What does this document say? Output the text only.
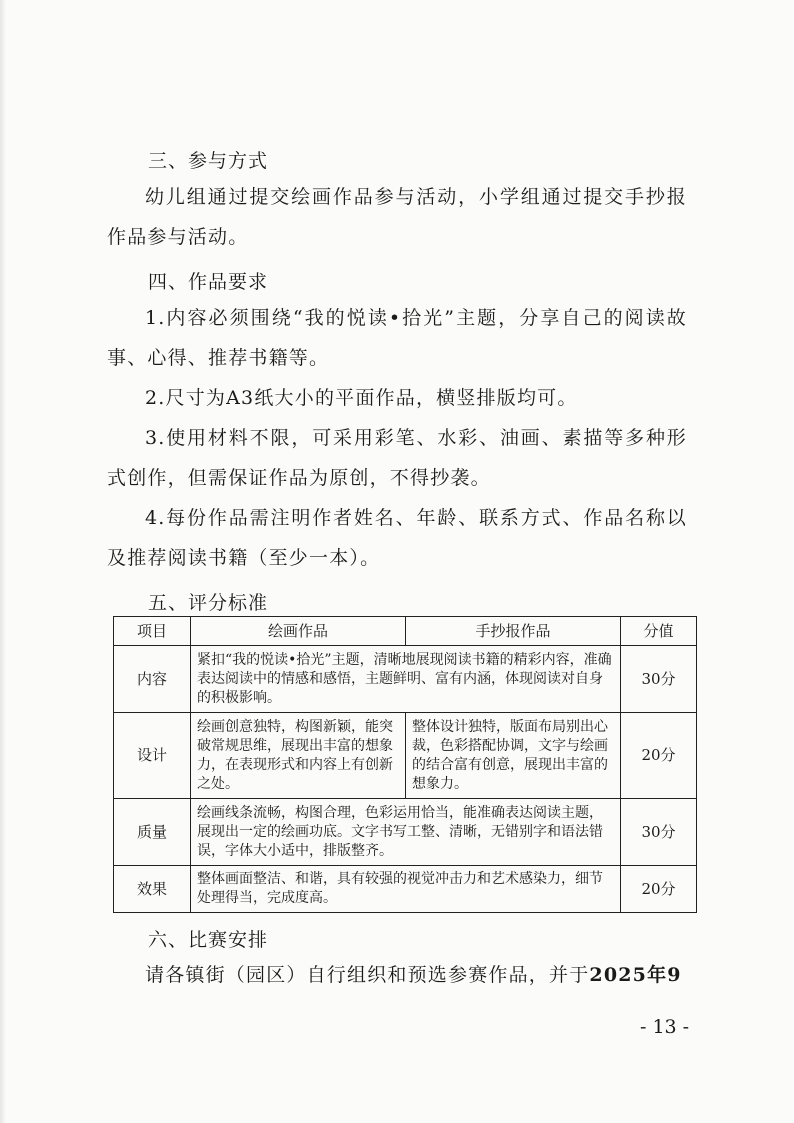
三、参与方式
幼儿组通过提交绘画作品参与活动，小学组通过提交手抄报作品参与活动。
四、作品要求
1.内容必须围绕“我的悦读•拾光”主题，分享自己的阅读故事、心得、推荐书籍等。
2.尺寸为A3纸大小的平面作品，横竖排版均可。
3.使用材料不限，可采用彩笔、水彩、油画、素描等多种形式创作，但需保证作品为原创，不得抄袭。
4.每份作品需注明作者姓名、年龄、联系方式、作品名称以及推荐阅读书籍（至少一本）。
五、评分标准
项目	绘画作品	手抄报作品	分值
内容	紧扣“我的悦读•拾光”主题，清晰地展现阅读书籍的精彩内容，准确表达阅读中的情感和感悟，主题鲜明、富有内涵，体现阅读对自身的积极影响。		30分
设计	绘画创意独特，构图新颖，能突破常规思维，展现出丰富的想象力，在表现形式和内容上有创新之处。	整体设计独特，版面布局别出心裁，色彩搭配协调，文字与绘画的结合富有创意，展现出丰富的想象力。	20分
质量	绘画线条流畅，构图合理，色彩运用恰当，能准确表达阅读主题，展现出一定的绘画功底。文字书写工整、清晰，无错别字和语法错误，字体大小适中，排版整齐。		30分
效果	整体画面整洁、和谐，具有较强的视觉冲击力和艺术感染力，细节处理得当，完成度高。		20分
六、比赛安排
请各镇街（园区）自行组织和预选参赛作品，并于2025年9
- 13 -
